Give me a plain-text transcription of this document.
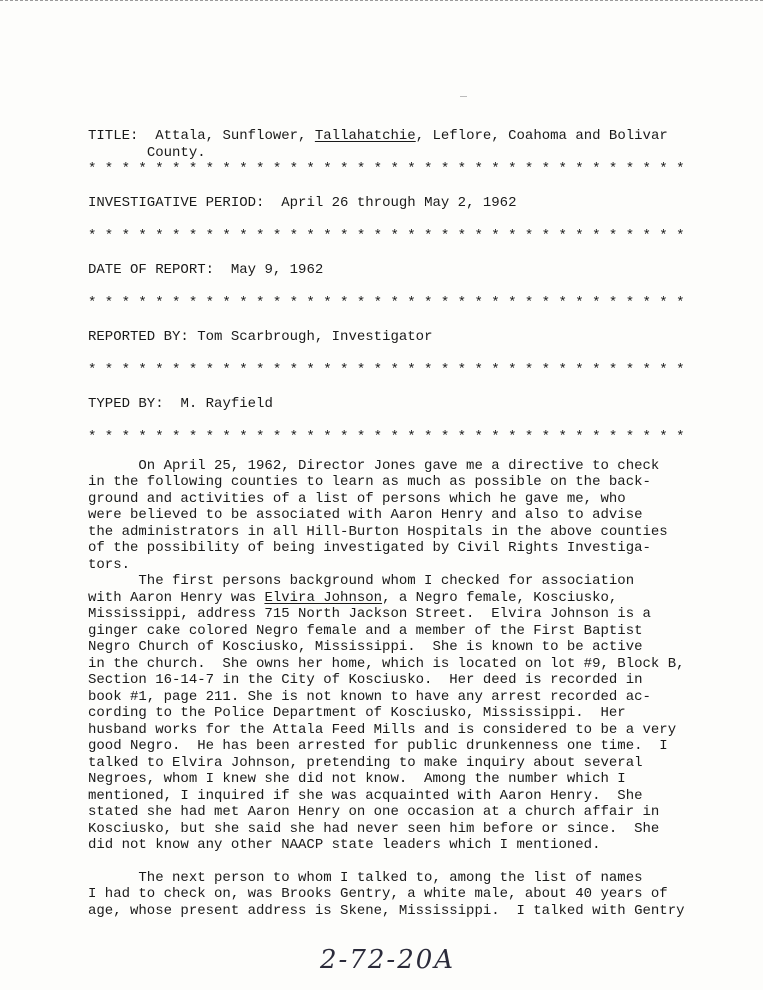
TITLE: Attala, Sunflower, Tallahatchie, Leflore, Coahoma and Bolivar
County.
* * * * * * * * * * * * * * * * * * * * * * * * * * * * * * * * * * * *
INVESTIGATIVE PERIOD: April 26 through May 2, 1962
* * * * * * * * * * * * * * * * * * * * * * * * * * * * * * * * * * * *
DATE OF REPORT: May 9, 1962
* * * * * * * * * * * * * * * * * * * * * * * * * * * * * * * * * * * *
REPORTED BY: Tom Scarbrough, Investigator
* * * * * * * * * * * * * * * * * * * * * * * * * * * * * * * * * * * *
TYPED BY: M. Rayfield
* * * * * * * * * * * * * * * * * * * * * * * * * * * * * * * * * * * *
On April 25, 1962, Director Jones gave me a directive to check
in the following counties to learn as much as possible on the back-
ground and activities of a list of persons which he gave me, who
were believed to be associated with Aaron Henry and also to advise
the administrators in all Hill-Burton Hospitals in the above counties
of the possibility of being investigated by Civil Rights Investiga-
tors.
The first persons background whom I checked for association
with Aaron Henry was Elvira Johnson, a Negro female, Kosciusko,
Mississippi, address 715 North Jackson Street.  Elvira Johnson is a
ginger cake colored Negro female and a member of the First Baptist
Negro Church of Kosciusko, Mississippi.  She is known to be active
in the church.  She owns her home, which is located on lot #9, Block B,
Section 16-14-7 in the City of Kosciusko.  Her deed is recorded in
book #1, page 211. She is not known to have any arrest recorded ac-
cording to the Police Department of Kosciusko, Mississippi.  Her
husband works for the Attala Feed Mills and is considered to be a very
good Negro.  He has been arrested for public drunkenness one time.  I
talked to Elvira Johnson, pretending to make inquiry about several
Negroes, whom I knew she did not know.  Among the number which I
mentioned, I inquired if she was acquainted with Aaron Henry.  She
stated she had met Aaron Henry on one occasion at a church affair in
Kosciusko, but she said she had never seen him before or since.  She
did not know any other NAACP state leaders which I mentioned.
The next person to whom I talked to, among the list of names
I had to check on, was Brooks Gentry, a white male, about 40 years of
age, whose present address is Skene, Mississippi.  I talked with Gentry
2-72-20A
